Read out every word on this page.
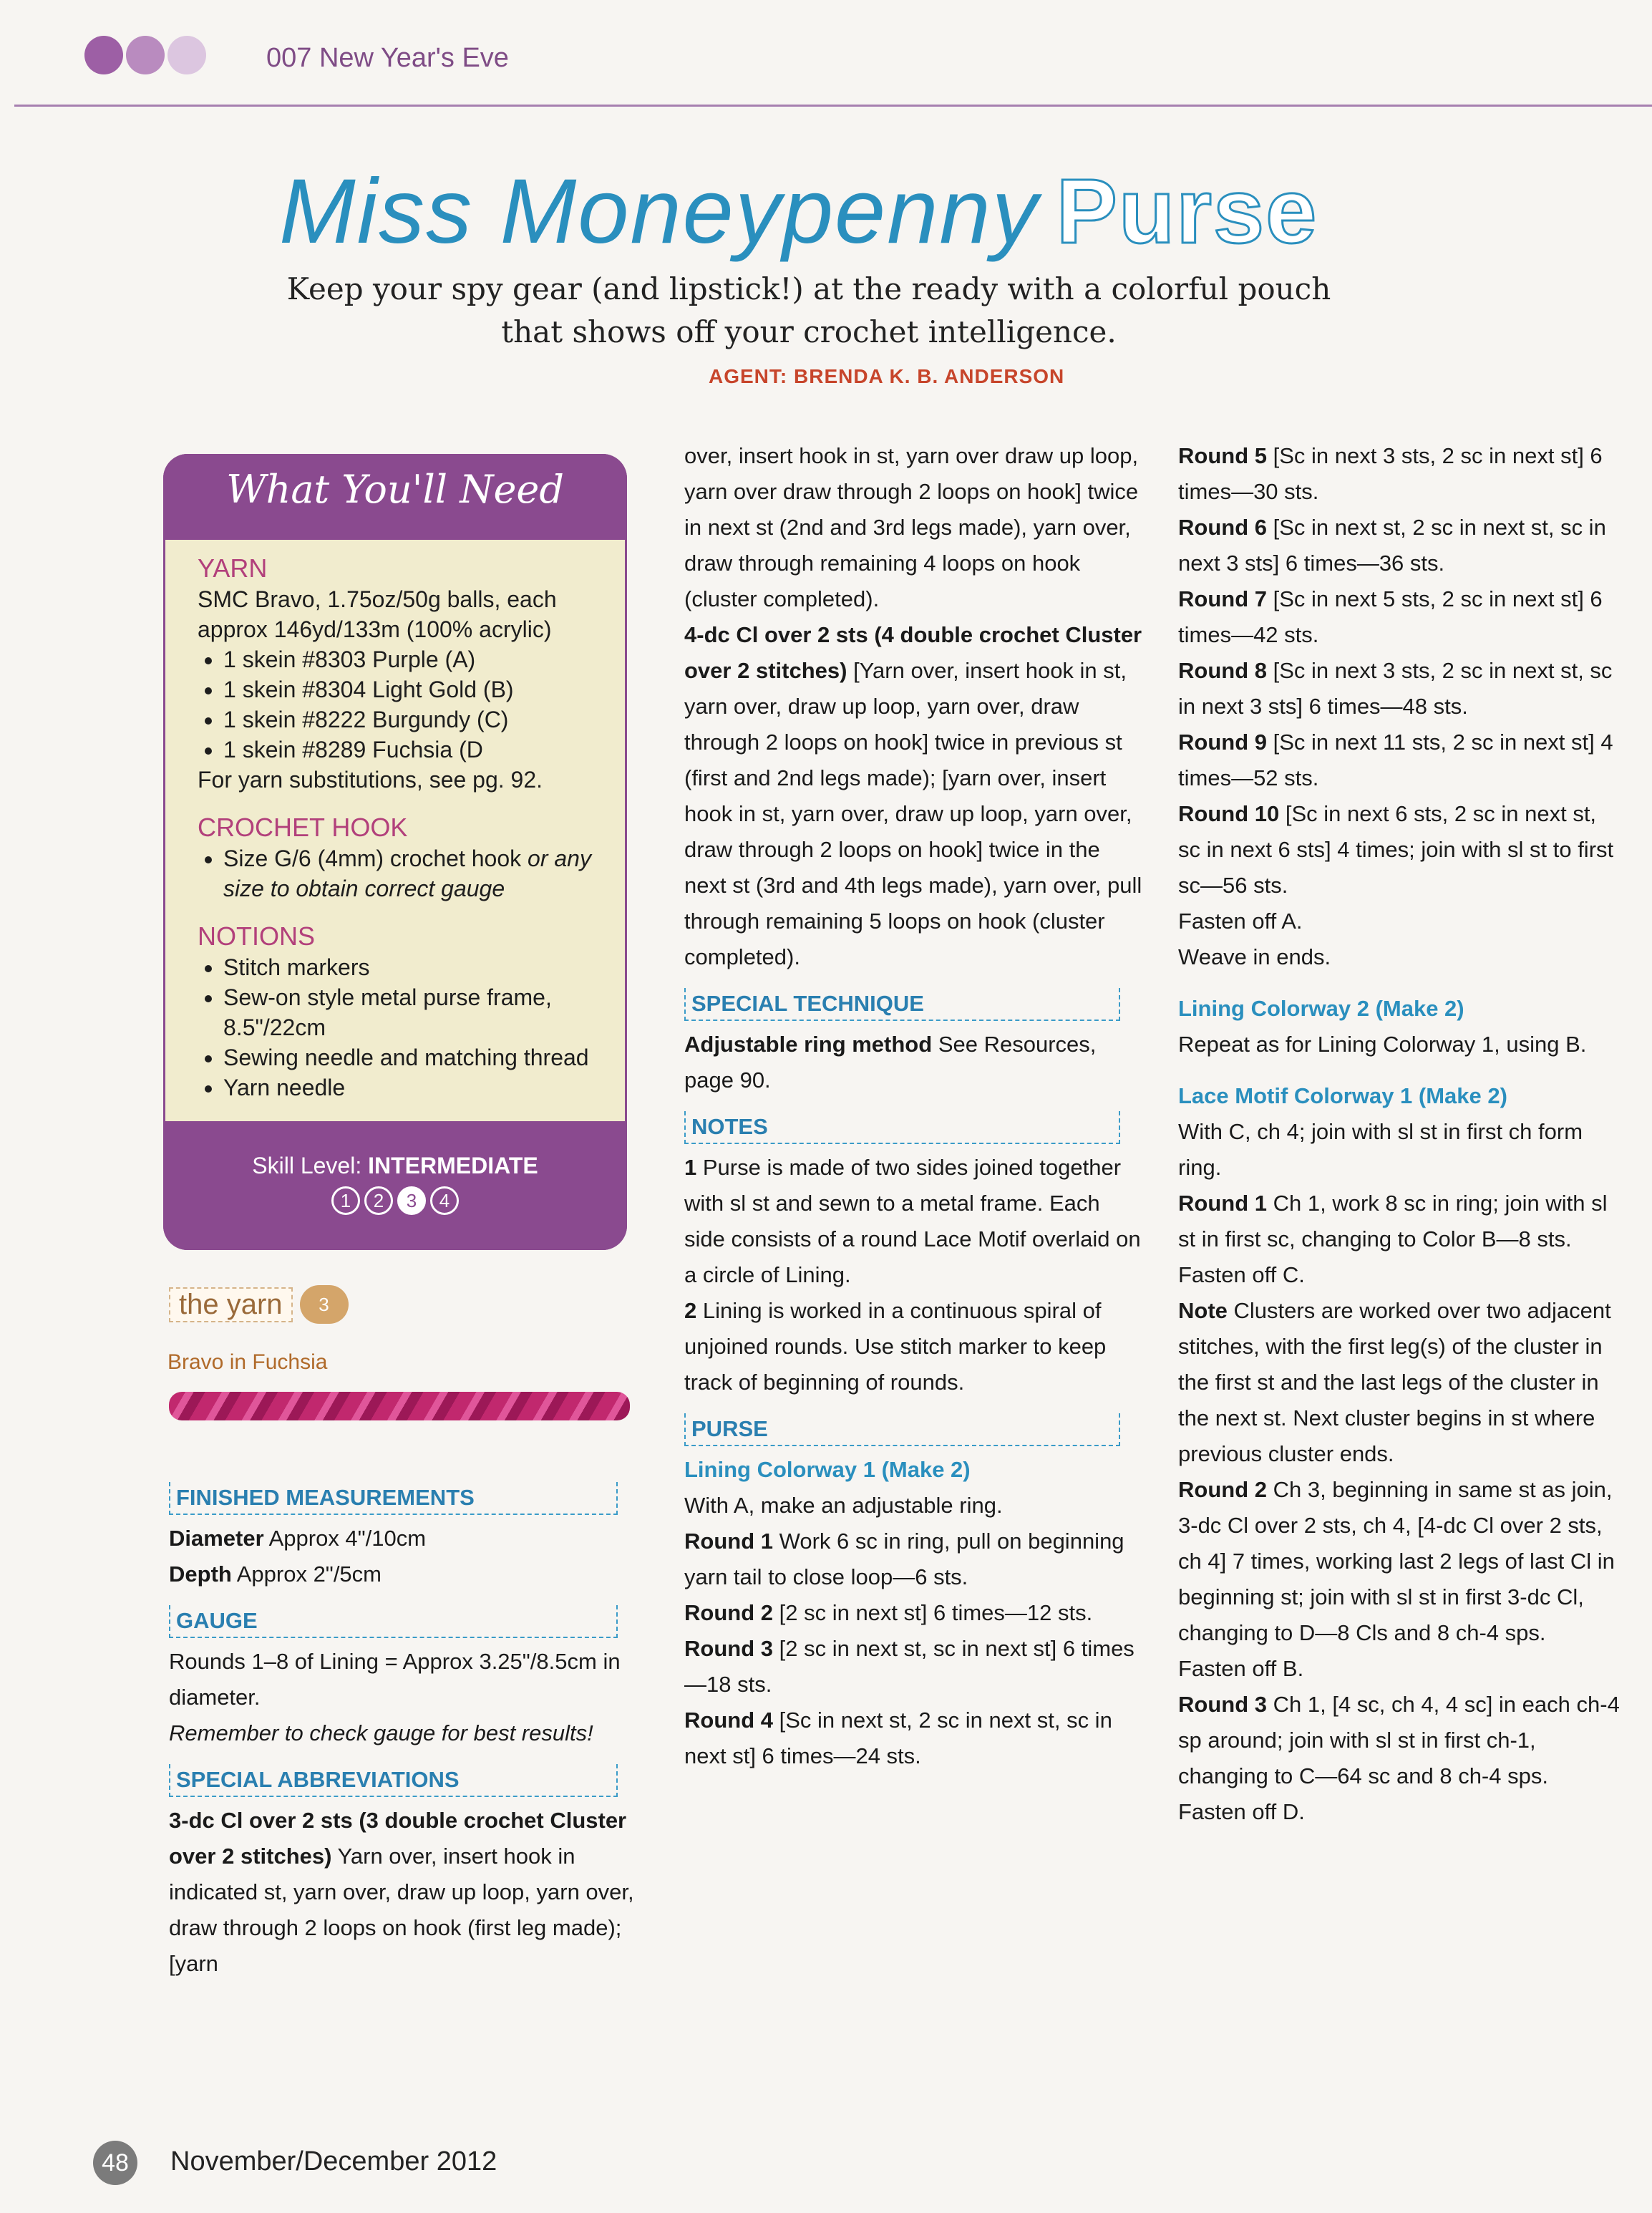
007 New Year's Eve
Miss Moneypenny Purse
Keep your spy gear (and lipstick!) at the ready with a colorful pouch
that shows off your crochet intelligence.
AGENT: BRENDA K. B. ANDERSON
What You'll Need
YARN
SMC Bravo, 1.75oz/50g balls, each approx 146yd/133m (100% acrylic)
• 1 skein #8303 Purple (A)
• 1 skein #8304 Light Gold (B)
• 1 skein #8222 Burgundy (C)
• 1 skein #8289 Fuchsia (D
For yarn substitutions, see pg. 92.
CROCHET HOOK
• Size G/6 (4mm) crochet hook or any size to obtain correct gauge
NOTIONS
• Stitch markers
• Sew-on style metal purse frame, 8.5"/22cm
• Sewing needle and matching thread
• Yarn needle
Skill Level: INTERMEDIATE
1	2	3	4
the yarn	3
Bravo in Fuchsia
FINISHED MEASUREMENTS

Diameter Approx 4"/10cm

Depth Approx 2"/5cm

GAUGE

Rounds 1–8 of Lining = Approx 3.25"/8.5cm in diameter.

Remember to check gauge for best results!

SPECIAL ABBREVIATIONS

3-dc Cl over 2 sts (3 double crochet Cluster over 2 stitches) Yarn over, insert hook in indicated st, yarn over, draw up loop, yarn over, draw through 2 loops on hook (first leg made); [yarn

over, insert hook in st, yarn over draw up loop, yarn over draw through 2 loops on hook] twice in next st (2nd and 3rd legs made), yarn over, draw through remaining 4 loops on hook (cluster completed).

4-dc Cl over 2 sts (4 double crochet Cluster over 2 stitches) [Yarn over, insert hook in st, yarn over, draw up loop, yarn over, draw through 2 loops on hook] twice in previous st (first and 2nd legs made); [yarn over, insert hook in st, yarn over, draw up loop, yarn over, draw through 2 loops on hook] twice in the next st (3rd and 4th legs made), yarn over, pull through remaining 5 loops on hook (cluster completed).

SPECIAL TECHNIQUE

Adjustable ring method See Resources, page 90.

NOTES

1 Purse is made of two sides joined together with sl st and sewn to a metal frame. Each side consists of a round Lace Motif overlaid on a circle of Lining.

2 Lining is worked in a continuous spiral of unjoined rounds. Use stitch marker to keep track of beginning of rounds.

PURSE

Lining Colorway 1 (Make 2)

With A, make an adjustable ring.

Round 1 Work 6 sc in ring, pull on beginning yarn tail to close loop—6 sts.

Round 2 [2 sc in next st] 6 times—12 sts.

Round 3 [2 sc in next st, sc in next st] 6 times—18 sts.

Round 4 [Sc in next st, 2 sc in next st, sc in next st] 6 times—24 sts.

Round 5 [Sc in next 3 sts, 2 sc in next st] 6 times—30 sts.

Round 6 [Sc in next st, 2 sc in next st, sc in next 3 sts] 6 times—36 sts.

Round 7 [Sc in next 5 sts, 2 sc in next st] 6 times—42 sts.

Round 8 [Sc in next 3 sts, 2 sc in next st, sc in next 3 sts] 6 times—48 sts.

Round 9 [Sc in next 11 sts, 2 sc in next st] 4 times—52 sts.

Round 10 [Sc in next 6 sts, 2 sc in next st, sc in next 6 sts] 4 times; join with sl st to first sc—56 sts.

Fasten off A.

Weave in ends.

Lining Colorway 2 (Make 2)

Repeat as for Lining Colorway 1, using B.

Lace Motif Colorway 1 (Make 2)

With C, ch 4; join with sl st in first ch form ring.

Round 1 Ch 1, work 8 sc in ring; join with sl st in first sc, changing to Color B—8 sts.

Fasten off C.

Note Clusters are worked over two adjacent stitches, with the first leg(s) of the cluster in the first st and the last legs of the cluster in the next st. Next cluster begins in st where previous cluster ends.

Round 2 Ch 3, beginning in same st as join, 3-dc Cl over 2 sts, ch 4, [4-dc Cl over 2 sts, ch 4] 7 times, working last 2 legs of last Cl in beginning st; join with sl st in first 3-dc Cl, changing to D—8 Cls and 8 ch-4 sps.

Fasten off B.

Round 3 Ch 1, [4 sc, ch 4, 4 sc] in each ch-4 sp around; join with sl st in first ch-1, changing to C—64 sc and 8 ch-4 sps.

Fasten off D.

48	November/December 2012
